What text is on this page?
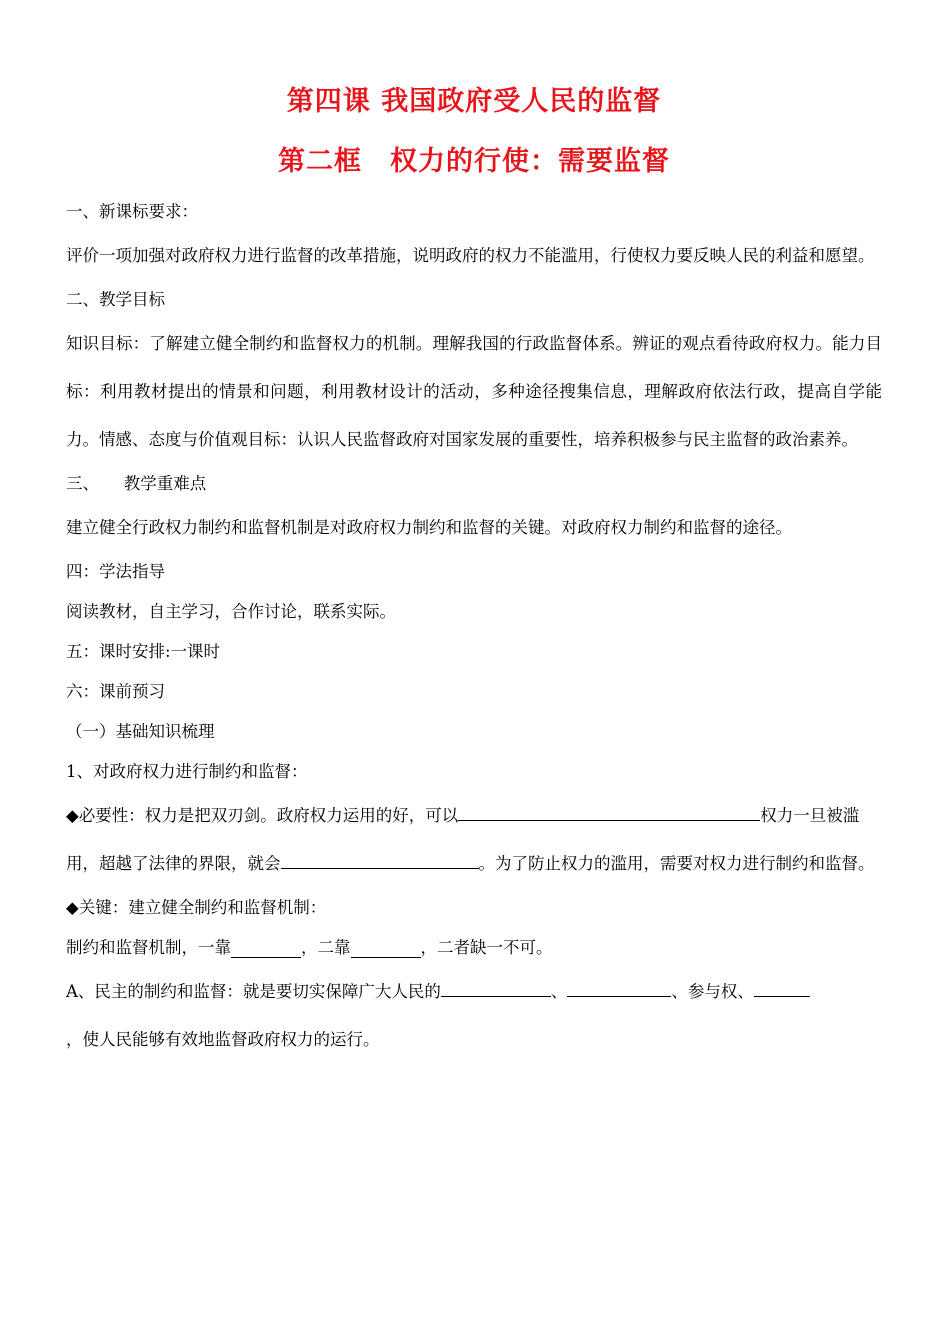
第四课 我国政府受人民的监督
第二框　权力的行使：需要监督

一、新课标要求：

评价一项加强对政府权力进行监督的改革措施，说明政府的权力不能滥用，行使权力要反映人民的利益和愿望。

二、教学目标

知识目标：了解建立健全制约和监督权力的机制。理解我国的行政监督体系。辨证的观点看待政府权力。能力目标：利用教材提出的情景和问题，利用教材设计的活动，多种途径搜集信息，理解政府依法行政，提高自学能力。情感、态度与价值观目标：认识人民监督政府对国家发展的重要性，培养积极参与民主监督的政治素养。

三、　　教学重难点

建立健全行政权力制约和监督机制是对政府权力制约和监督的关键。对政府权力制约和监督的途径。

四：学法指导

阅读教材，自主学习，合作讨论，联系实际。

五：课时安排:一课时

六：课前预习

（一）基础知识梳理

1、对政府权力进行制约和监督：

◆必要性：权力是把双刃剑。政府权力运用的好，可以	权力一旦被滥用，超越了法律的界限，就会	。为了防止权力的滥用，需要对权力进行制约和监督。

◆关键：建立健全制约和监督机制：

制约和监督机制，一靠	，二靠	，二者缺一不可。

A、民主的制约和监督：就是要切实保障广大人民的	、	、参与权、
，使人民能够有效地监督政府权力的运行。
